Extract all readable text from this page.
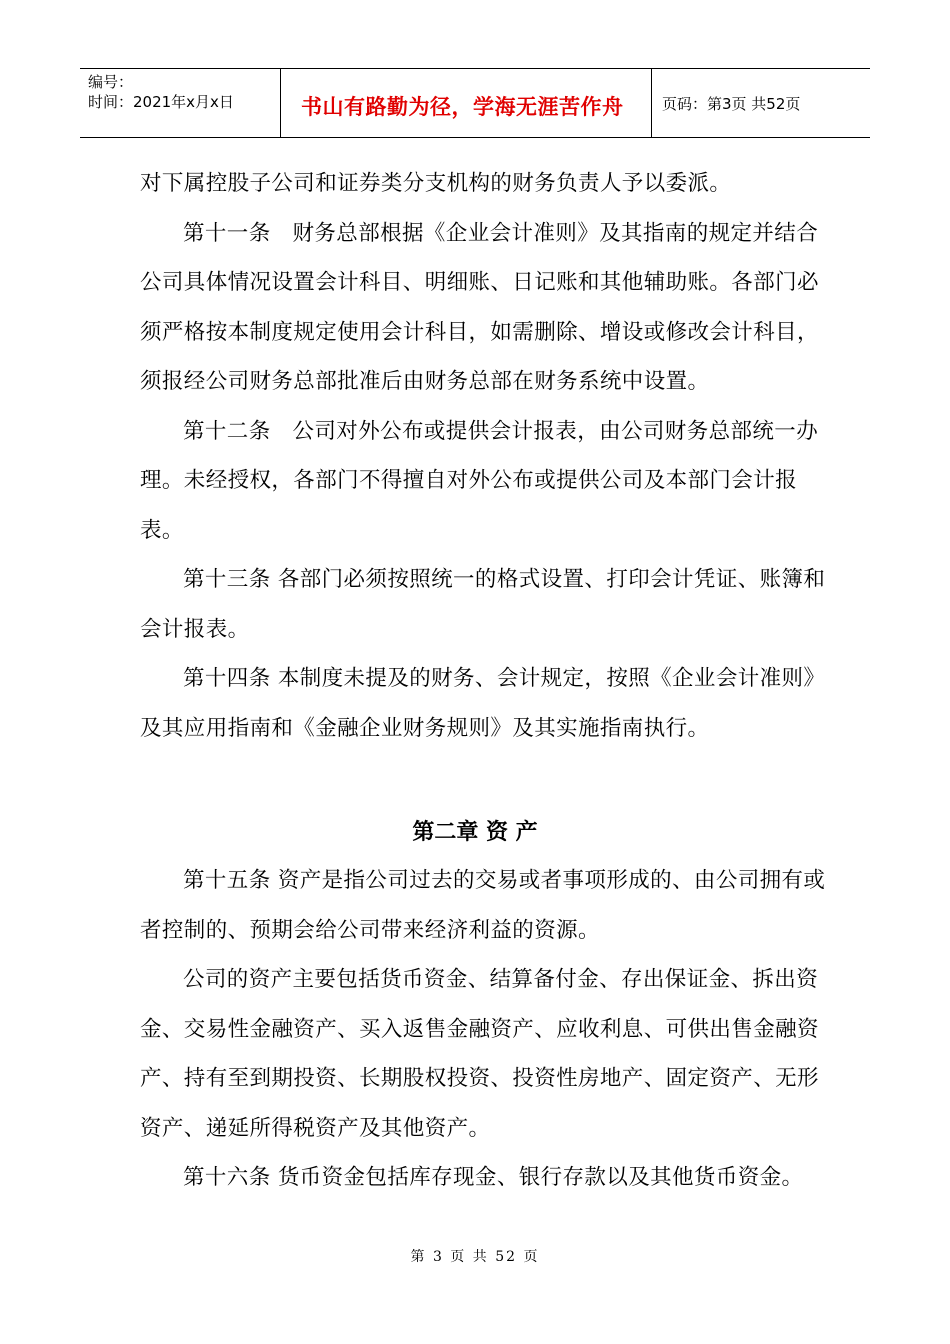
编号：
时间：2021年x月x日	书山有路勤为径，学海无涯苦作舟	页码：第3页 共52页

对下属控股子公司和证券类分支机构的财务负责人予以委派。

第十一条　财务总部根据《企业会计准则》及其指南的规定并结合公司具体情况设置会计科目、明细账、日记账和其他辅助账。各部门必须严格按本制度规定使用会计科目，如需删除、增设或修改会计科目，须报经公司财务总部批准后由财务总部在财务系统中设置。

第十二条　公司对外公布或提供会计报表，由公司财务总部统一办理。未经授权，各部门不得擅自对外公布或提供公司及本部门会计报表。

第十三条 各部门必须按照统一的格式设置、打印会计凭证、账簿和会计报表。

第十四条 本制度未提及的财务、会计规定，按照《企业会计准则》及其应用指南和《金融企业财务规则》及其实施指南执行。

第二章 资 产

第十五条 资产是指公司过去的交易或者事项形成的、由公司拥有或者控制的、预期会给公司带来经济利益的资源。

公司的资产主要包括货币资金、结算备付金、存出保证金、拆出资金、交易性金融资产、买入返售金融资产、应收利息、可供出售金融资产、持有至到期投资、长期股权投资、投资性房地产、固定资产、无形资产、递延所得税资产及其他资产。

第十六条 货币资金包括库存现金、银行存款以及其他货币资金。

第 3 页 共 52 页
